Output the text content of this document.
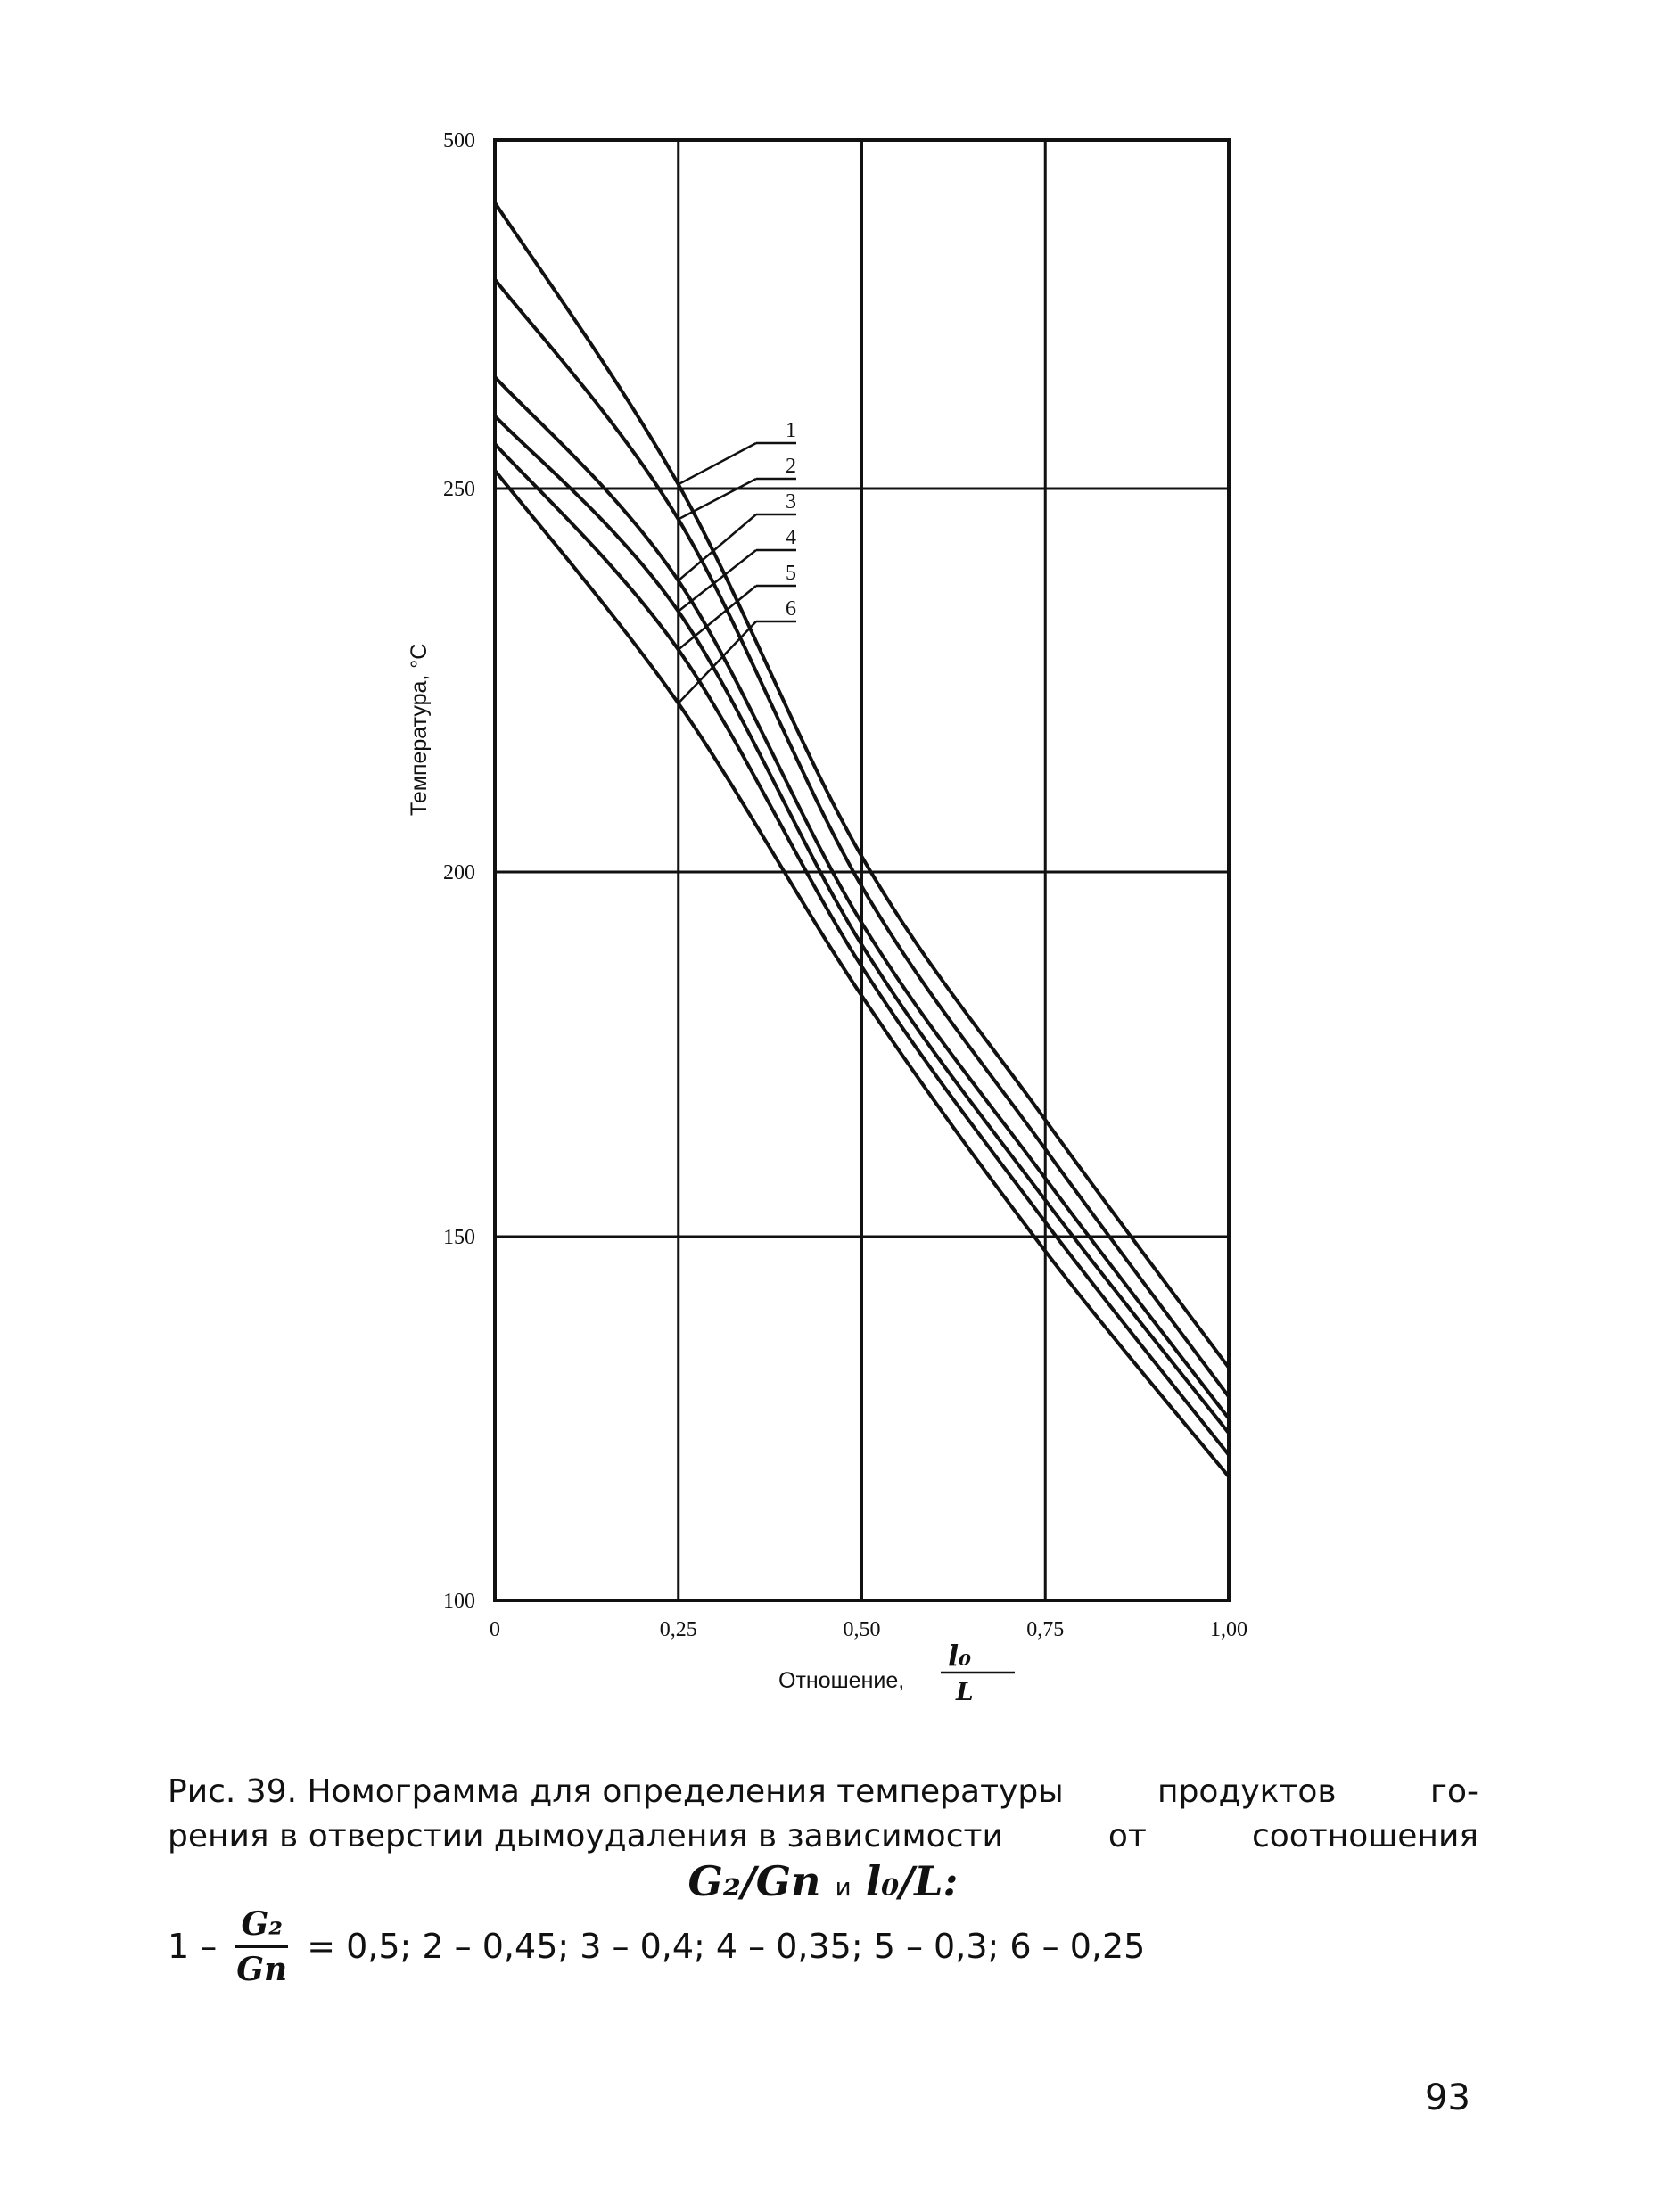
0	0,25	0,50	0,75	1,00
100
150
200
250
500
1
2
3
4
5
6
Температура, °С
Отношение,
l₀
L
Рис. 39. Номограмма для определения температуры	продуктов	го-
рения в отверстии дымоудаления в зависимости	от	соотношения
G₂/Gп и l₀/L:
$1 - \frac{\text{G₂}}{Gп} = 0,5$; 2 – 0,45; 3 – 0,4; 4 – 0,35; 5 – 0,3; 6 – 0,25
93
